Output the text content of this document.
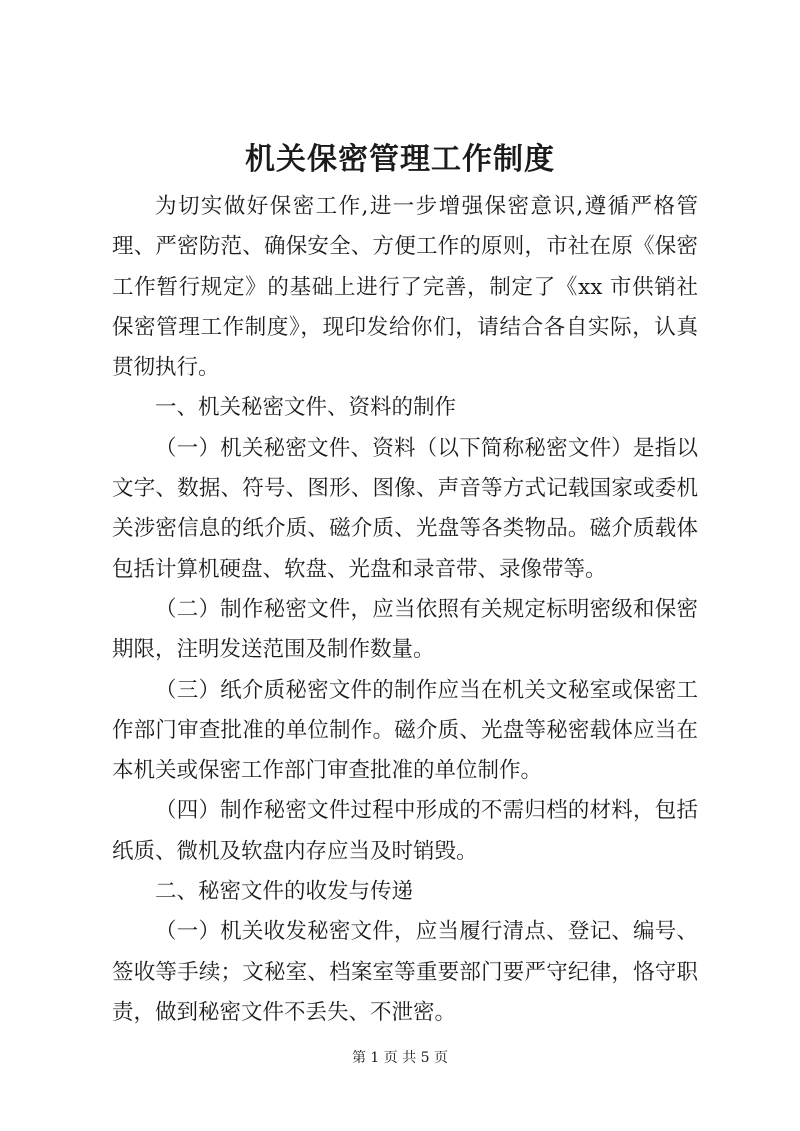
机关保密管理工作制度

为切实做好保密工作,进一步增强保密意识,遵循严格管理、严密防范、确保安全、方便工作的原则，市社在原《保密工作暂行规定》的基础上进行了完善，制定了《xx 市供销社保密管理工作制度》，现印发给你们，请结合各自实际，认真贯彻执行。

一、机关秘密文件、资料的制作

（一）机关秘密文件、资料（以下简称秘密文件）是指以文字、数据、符号、图形、图像、声音等方式记载国家或委机关涉密信息的纸介质、磁介质、光盘等各类物品。磁介质载体包括计算机硬盘、软盘、光盘和录音带、录像带等。

（二）制作秘密文件，应当依照有关规定标明密级和保密期限，注明发送范围及制作数量。

（三）纸介质秘密文件的制作应当在机关文秘室或保密工作部门审查批准的单位制作。磁介质、光盘等秘密载体应当在本机关或保密工作部门审查批准的单位制作。

（四）制作秘密文件过程中形成的不需归档的材料，包括纸质、微机及软盘内存应当及时销毁。

二、秘密文件的收发与传递

（一）机关收发秘密文件，应当履行清点、登记、编号、签收等手续；文秘室、档案室等重要部门要严守纪律，恪守职责，做到秘密文件不丢失、不泄密。

第 1 页 共 5 页
